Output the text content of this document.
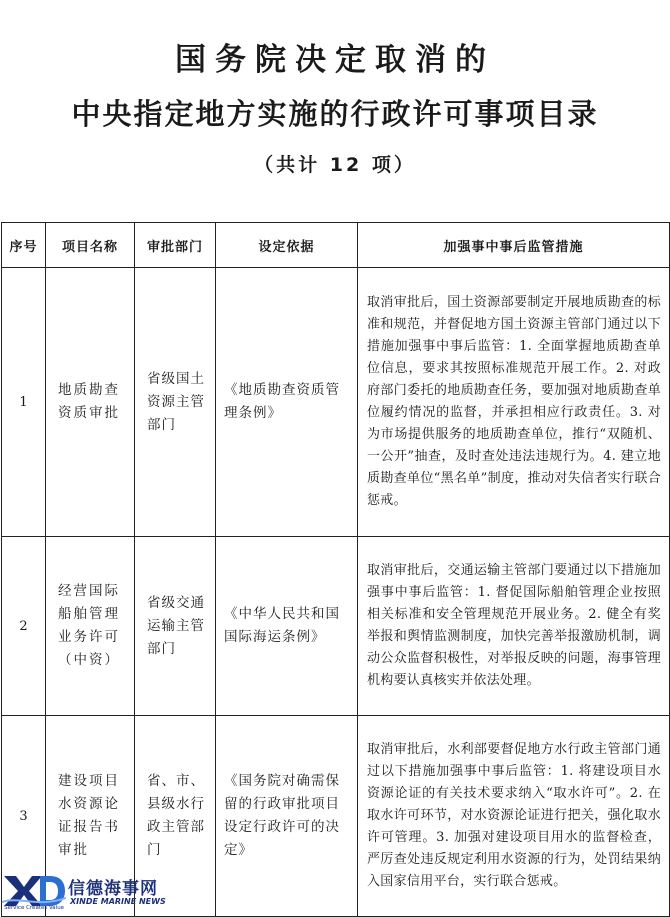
国务院决定取消的
中央指定地方实施的行政许可事项目录
（共计 12 项）
序号	项目名称	审批部门	设定依据	加强事中事后监管措施
1	地质勘查资质审批	省级国土资源主管部门	《地质勘查资质管理条例》	取消审批后，国土资源部要制定开展地质勘查的标准和规范，并督促地方国土资源主管部门通过以下措施加强事中事后监管：1. 全面掌握地质勘查单位信息，要求其按照标准规范开展工作。2. 对政府部门委托的地质勘查任务，要加强对地质勘查单位履约情况的监督，并承担相应行政责任。3. 对为市场提供服务的地质勘查单位，推行“双随机、一公开”抽查，及时查处违法违规行为。4. 建立地质勘查单位“黑名单”制度，推动对失信者实行联合惩戒。
2	经营国际船舶管理业务许可（中资）	省级交通运输主管部门	《中华人民共和国国际海运条例》	取消审批后，交通运输主管部门要通过以下措施加强事中事后监管：1. 督促国际船舶管理企业按照相关标准和安全管理规范开展业务。2. 健全有奖举报和舆情监测制度，加快完善举报激励机制，调动公众监督积极性，对举报反映的问题，海事管理机构要认真核实并依法处理。
3	建设项目水资源论证报告书审批	省、市、县级水行政主管部门	《国务院对确需保留的行政审批项目设定行政许可的决定》	取消审批后，水利部要督促地方水行政主管部门通过以下措施加强事中事后监管：1. 将建设项目水资源论证的有关技术要求纳入“取水许可”。2. 在取水许可环节，对水资源论证进行把关，强化取水许可管理。3. 加强对建设项目用水的监督检查，严厉查处违反规定利用水资源的行为，处罚结果纳入国家信用平台，实行联合惩戒。
信德海事网
XINDE MARINE NEWS
Service Creates Value
